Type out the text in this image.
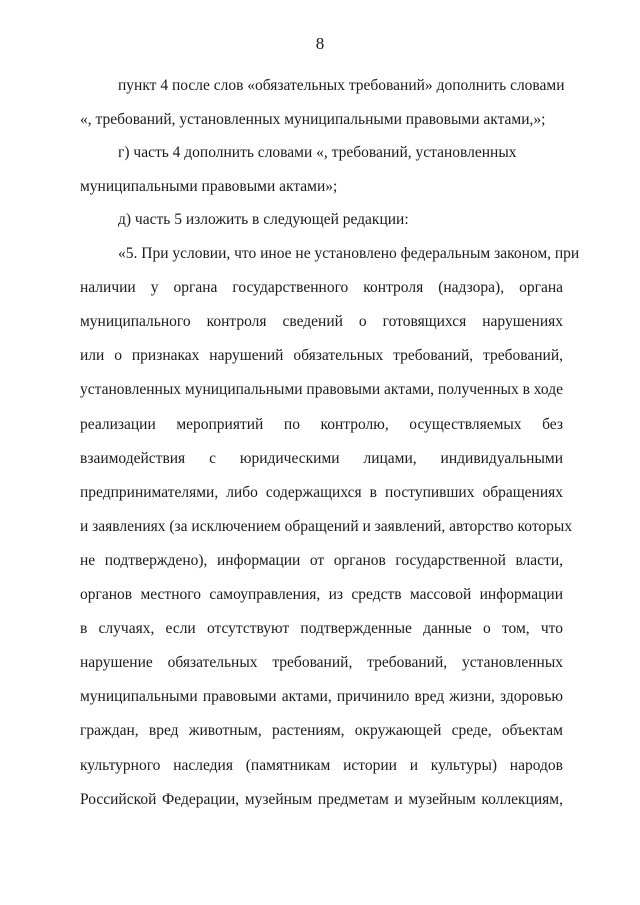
8
пункт 4 после слов «обязательных требований» дополнить словами
«, требований, установленных муниципальными правовыми актами,»;
г) часть 4 дополнить словами «, требований, установленных
муниципальными правовыми актами»;
д) часть 5 изложить в следующей редакции:
«5. При условии, что иное не установлено федеральным законом, при
наличии у органа государственного контроля (надзора), органа
муниципального контроля сведений о готовящихся нарушениях
или о признаках нарушений обязательных требований, требований,
установленных муниципальными правовыми актами, полученных в ходе
реализации мероприятий по контролю, осуществляемых без
взаимодействия с юридическими лицами, индивидуальными
предпринимателями, либо содержащихся в поступивших обращениях
и заявлениях (за исключением обращений и заявлений, авторство которых
не подтверждено), информации от органов государственной власти,
органов местного самоуправления, из средств массовой информации
в случаях, если отсутствуют подтвержденные данные о том, что
нарушение обязательных требований, требований, установленных
муниципальными правовыми актами, причинило вред жизни, здоровью
граждан, вред животным, растениям, окружающей среде, объектам
культурного наследия (памятникам истории и культуры) народов
Российской Федерации, музейным предметам и музейным коллекциям,
